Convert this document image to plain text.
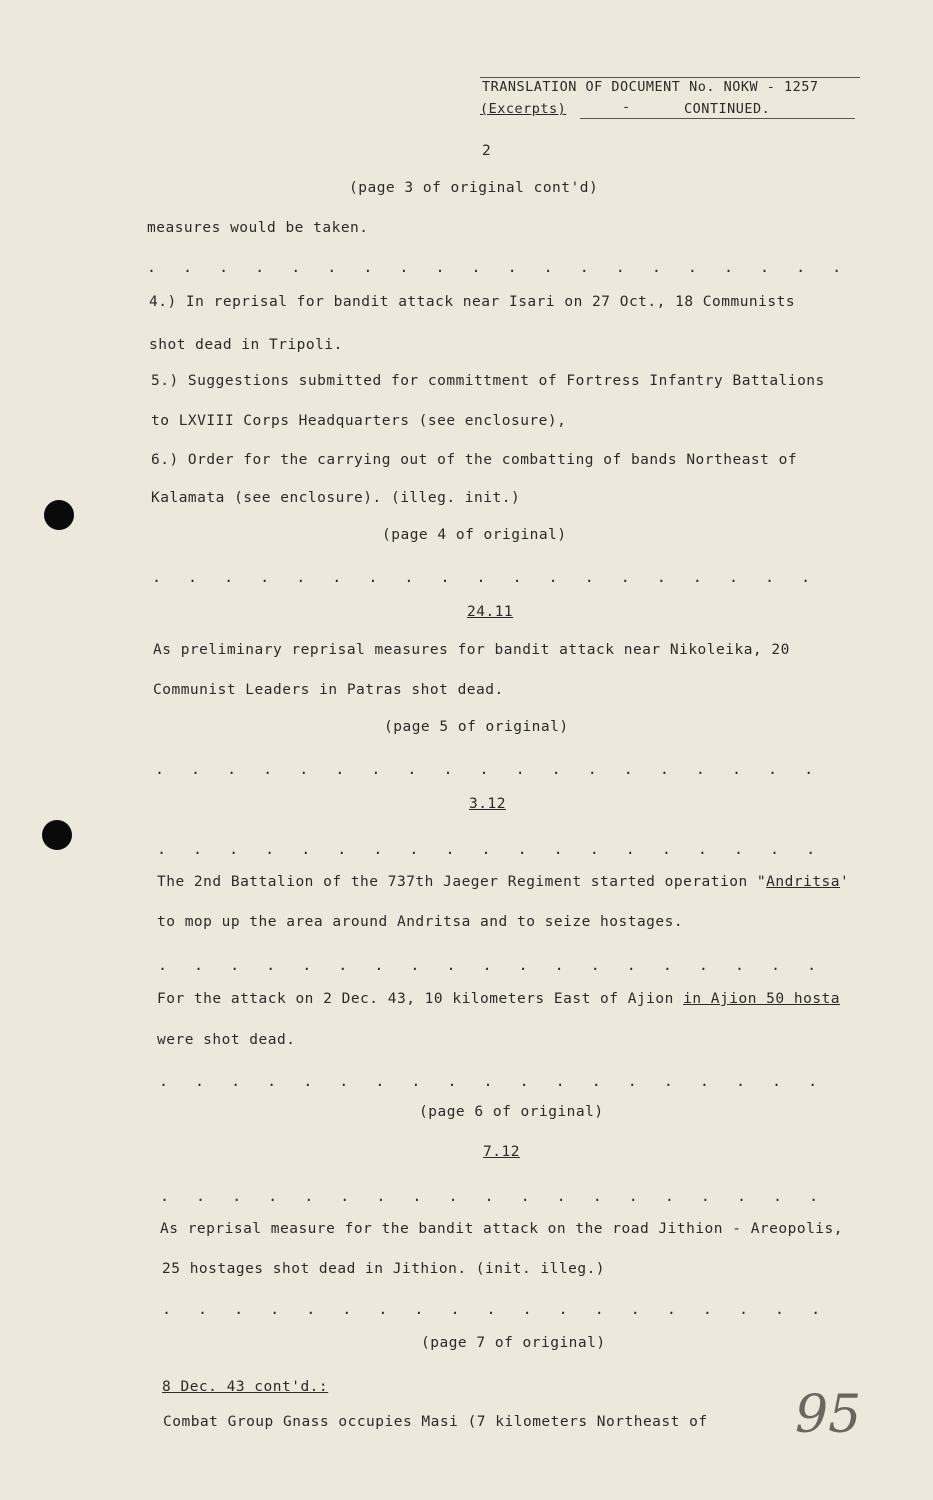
TRANSLATION OF DOCUMENT No. NOKW - 1257
(Excerpts)	-	CONTINUED.
2
(page 3 of original cont'd)
measures would be taken.
. . . . . . . . . . . . . . . . . . . .
4.) In reprisal for bandit attack near Isari on 27 Oct., 18 Communists
shot dead in Tripoli.
5.) Suggestions submitted for committment of Fortress Infantry Battalions
to LXVIII Corps Headquarters (see enclosure),
6.) Order for the carrying out of the combatting of bands Northeast of
Kalamata (see enclosure). (illeg. init.)
(page 4 of original)
. . . . . . . . . . . . . . . . . . .
24.11
As preliminary reprisal measures for bandit attack near Nikoleika, 20
Communist Leaders in Patras shot dead.
(page 5 of original)
. . . . . . . . . . . . . . . . . . .
3.12
. . . . . . . . . . . . . . . . . . .
The 2nd Battalion of the 737th Jaeger Regiment started operation "Andritsa'
to mop up the area around Andritsa and to seize hostages.
. . . . . . . . . . . . . . . . . . .
For the attack on 2 Dec. 43, 10 kilometers East of Ajion in Ajion 50 hosta
were shot dead.
. . . . . . . . . . . . . . . . . . .
(page 6 of original)
7.12
. . . . . . . . . . . . . . . . . . .
As reprisal measure for the bandit attack on the road Jithion - Areopolis,
25 hostages shot dead in Jithion. (init. illeg.)
. . . . . . . . . . . . . . . . . . .
(page 7 of original)
8 Dec. 43 cont'd.:
Combat Group Gnass occupies Masi (7 kilometers Northeast of 95
